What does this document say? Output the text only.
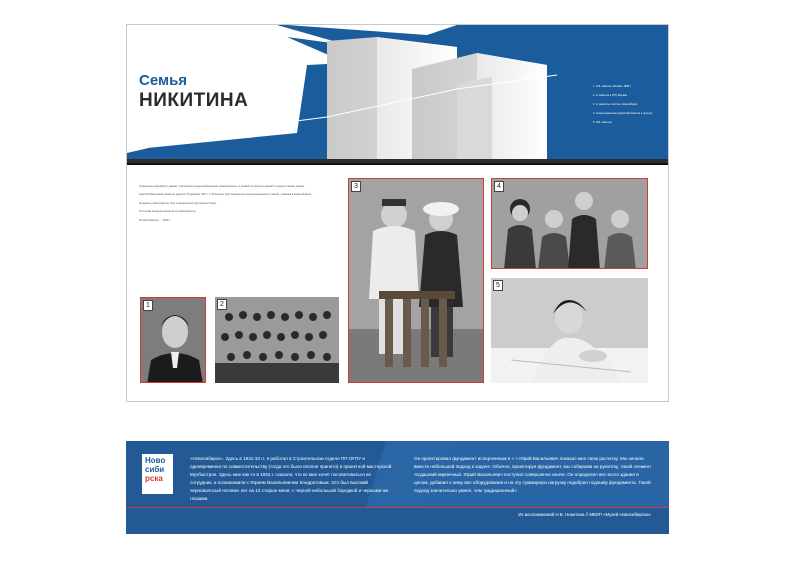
Семья
НИКИТИНА
1. Н.В. Никитин. Москва. 1958 г.
2. Н. Никитин в ПГУ. Москва.
3. Н. Никитин и сестра. Новосибирск.
4. Семья Никитиных (Николай Никитин в центре).
5. Н.В. Никитин.

Уникальную разработку зданий, участников съезда конференции «Новосибирск», в первый из крупных зданий в городе в первое здание…

Николай Васильевич Никитин родился 15 декабря 1907 г. в Тобольске. Для инженерного вуза выдающимся учёным, ставшим в Новосибирске…

За время учебы Никитин стал стажером конструкторского бюро…

По итогам конкурса проектов по Новосибирску…

В Новосибирске … 1959 г.

1	2
3	4
5
Ново
сиби
рска
«Новосибирск». Здесь в 1931-33 гг. я работал в Строительном отделе ПП ОГПУ и одновременно по совместительству (тогда это было вполне принято) в проектной мастерской Музбюстроя. Здесь мне как-то в 1932 г. сказали, что ко мне хочет посоветоваться их сотрудник, и познакомили с Юрием Васильевичем Кондратовым. Это был высокий черноволосый человек лет на 10 старше меня, с черной небольшой бородкой и черными же глазами.
Он проектировал фундамент испорченным в « » Юрий Васильевич показал мне свою расчетку. Мы начали вместе небольшой подход к задаче. Обычно, проектируя фундамент, мы собираем на рукоятку, такой элемент тогдашний кирпичный. Юрий Васильевич поступил совершенно иначе. Он определил вес всего здания в целом, добавил к нему вес оборудования и на эту суммарную нагрузку подобрал подошву фундамента. Такой подход значительно умнее, чем традиционный»
Из воспоминаний Н.В. Никитина // МКИП «Музей Новосибирска»
